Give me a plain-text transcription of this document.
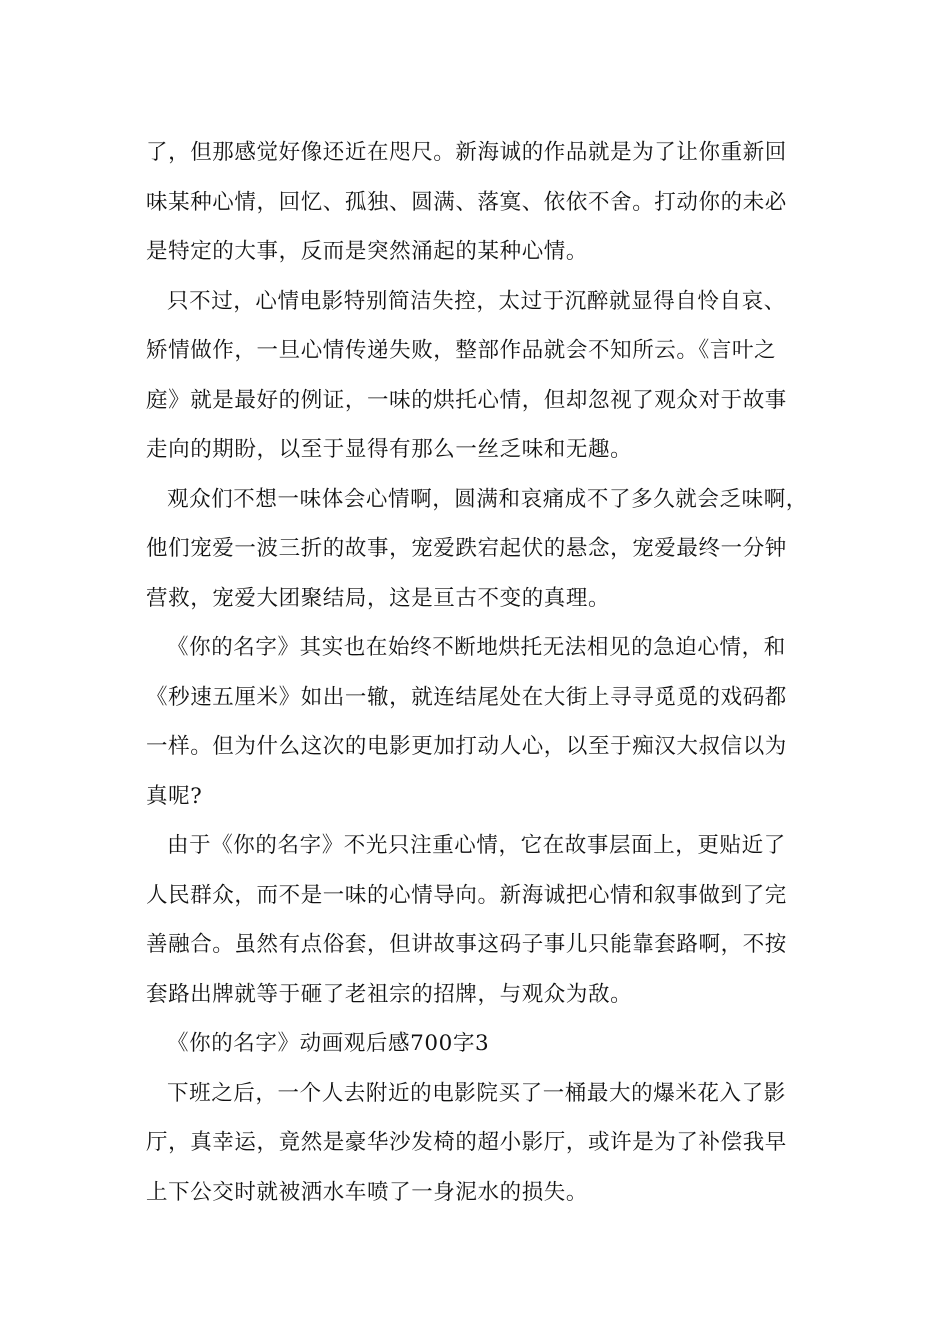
了，但那感觉好像还近在咫尺。新海诚的作品就是为了让你重新回
味某种心情，回忆、孤独、圆满、落寞、依依不舍。打动你的未必
是特定的大事，反而是突然涌起的某种心情。

只不过，心情电影特别简洁失控，太过于沉醉就显得自怜自哀、
矫情做作，一旦心情传递失败，整部作品就会不知所云。《言叶之
庭》就是最好的例证，一味的烘托心情，但却忽视了观众对于故事
走向的期盼，以至于显得有那么一丝乏味和无趣。

观众们不想一味体会心情啊，圆满和哀痛成不了多久就会乏味啊，
他们宠爱一波三折的故事，宠爱跌宕起伏的悬念，宠爱最终一分钟
营救，宠爱大团聚结局，这是亘古不变的真理。

《你的名字》其实也在始终不断地烘托无法相见的急迫心情，和
《秒速五厘米》如出一辙，就连结尾处在大街上寻寻觅觅的戏码都
一样。但为什么这次的电影更加打动人心，以至于痴汉大叔信以为
真呢?

由于《你的名字》不光只注重心情，它在故事层面上，更贴近了
人民群众，而不是一味的心情导向。新海诚把心情和叙事做到了完
善融合。虽然有点俗套，但讲故事这码子事儿只能靠套路啊，不按
套路出牌就等于砸了老祖宗的招牌，与观众为敌。

《你的名字》动画观后感700字3

下班之后，一个人去附近的电影院买了一桶最大的爆米花入了影
厅，真幸运，竟然是豪华沙发椅的超小影厅，或许是为了补偿我早
上下公交时就被洒水车喷了一身泥水的损失。
